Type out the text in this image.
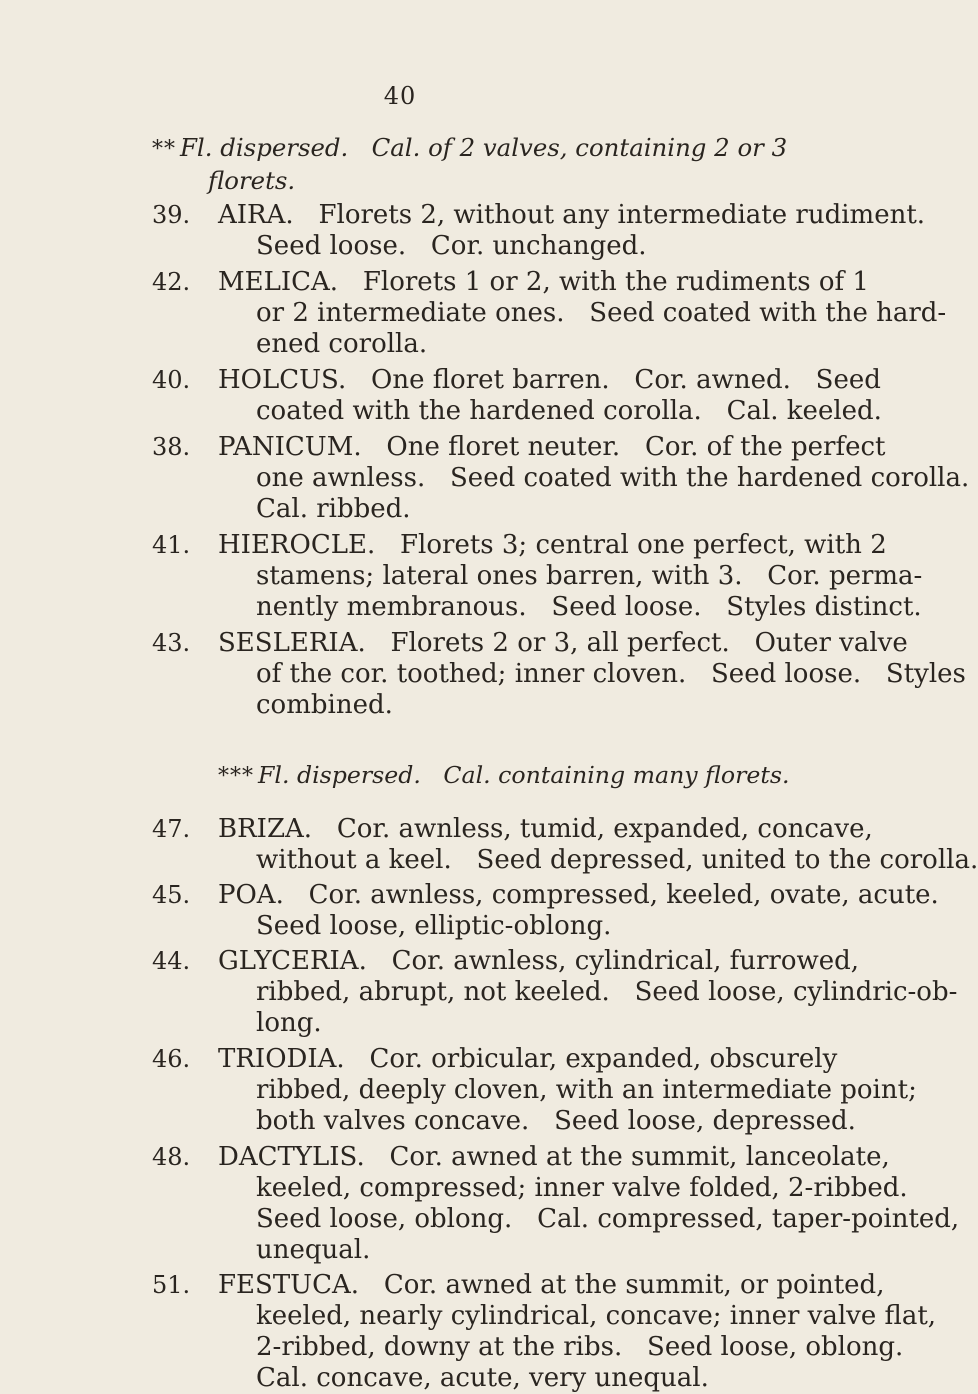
40
** Fl. dispersed.   Cal. of 2 valves, containing 2 or 3
florets.
39. AIRA.   Florets 2, without any intermediate rudiment.
Seed loose.   Cor. unchanged.
42. MELICA.   Florets 1 or 2, with the rudiments of 1
or 2 intermediate ones.   Seed coated with the hard-
ened corolla.
40. HOLCUS.   One floret barren.   Cor. awned.   Seed
coated with the hardened corolla.   Cal. keeled.
38. PANICUM.   One floret neuter.   Cor. of the perfect
one awnless.   Seed coated with the hardened corolla.
Cal. ribbed.
41. HIEROCLE.   Florets 3; central one perfect, with 2
stamens; lateral ones barren, with 3.   Cor. perma-
nently membranous.   Seed loose.   Styles distinct.
43. SESLERIA.   Florets 2 or 3, all perfect.   Outer valve
of the cor. toothed; inner cloven.   Seed loose.   Styles
combined.
*** Fl. dispersed.   Cal. containing many florets.
47. BRIZA.   Cor. awnless, tumid, expanded, concave,
without a keel.   Seed depressed, united to the corolla.
45. POA.   Cor. awnless, compressed, keeled, ovate, acute.
Seed loose, elliptic-oblong.
44. GLYCERIA.   Cor. awnless, cylindrical, furrowed,
ribbed, abrupt, not keeled.   Seed loose, cylindric-ob-
long.
46. TRIODIA.   Cor. orbicular, expanded, obscurely
ribbed, deeply cloven, with an intermediate point;
both valves concave.   Seed loose, depressed.
48. DACTYLIS.   Cor. awned at the summit, lanceolate,
keeled, compressed; inner valve folded, 2-ribbed.
Seed loose, oblong.   Cal. compressed, taper-pointed,
unequal.
51. FESTUCA.   Cor. awned at the summit, or pointed,
keeled, nearly cylindrical, concave; inner valve flat,
2-ribbed, downy at the ribs.   Seed loose, oblong.
Cal. concave, acute, very unequal.
